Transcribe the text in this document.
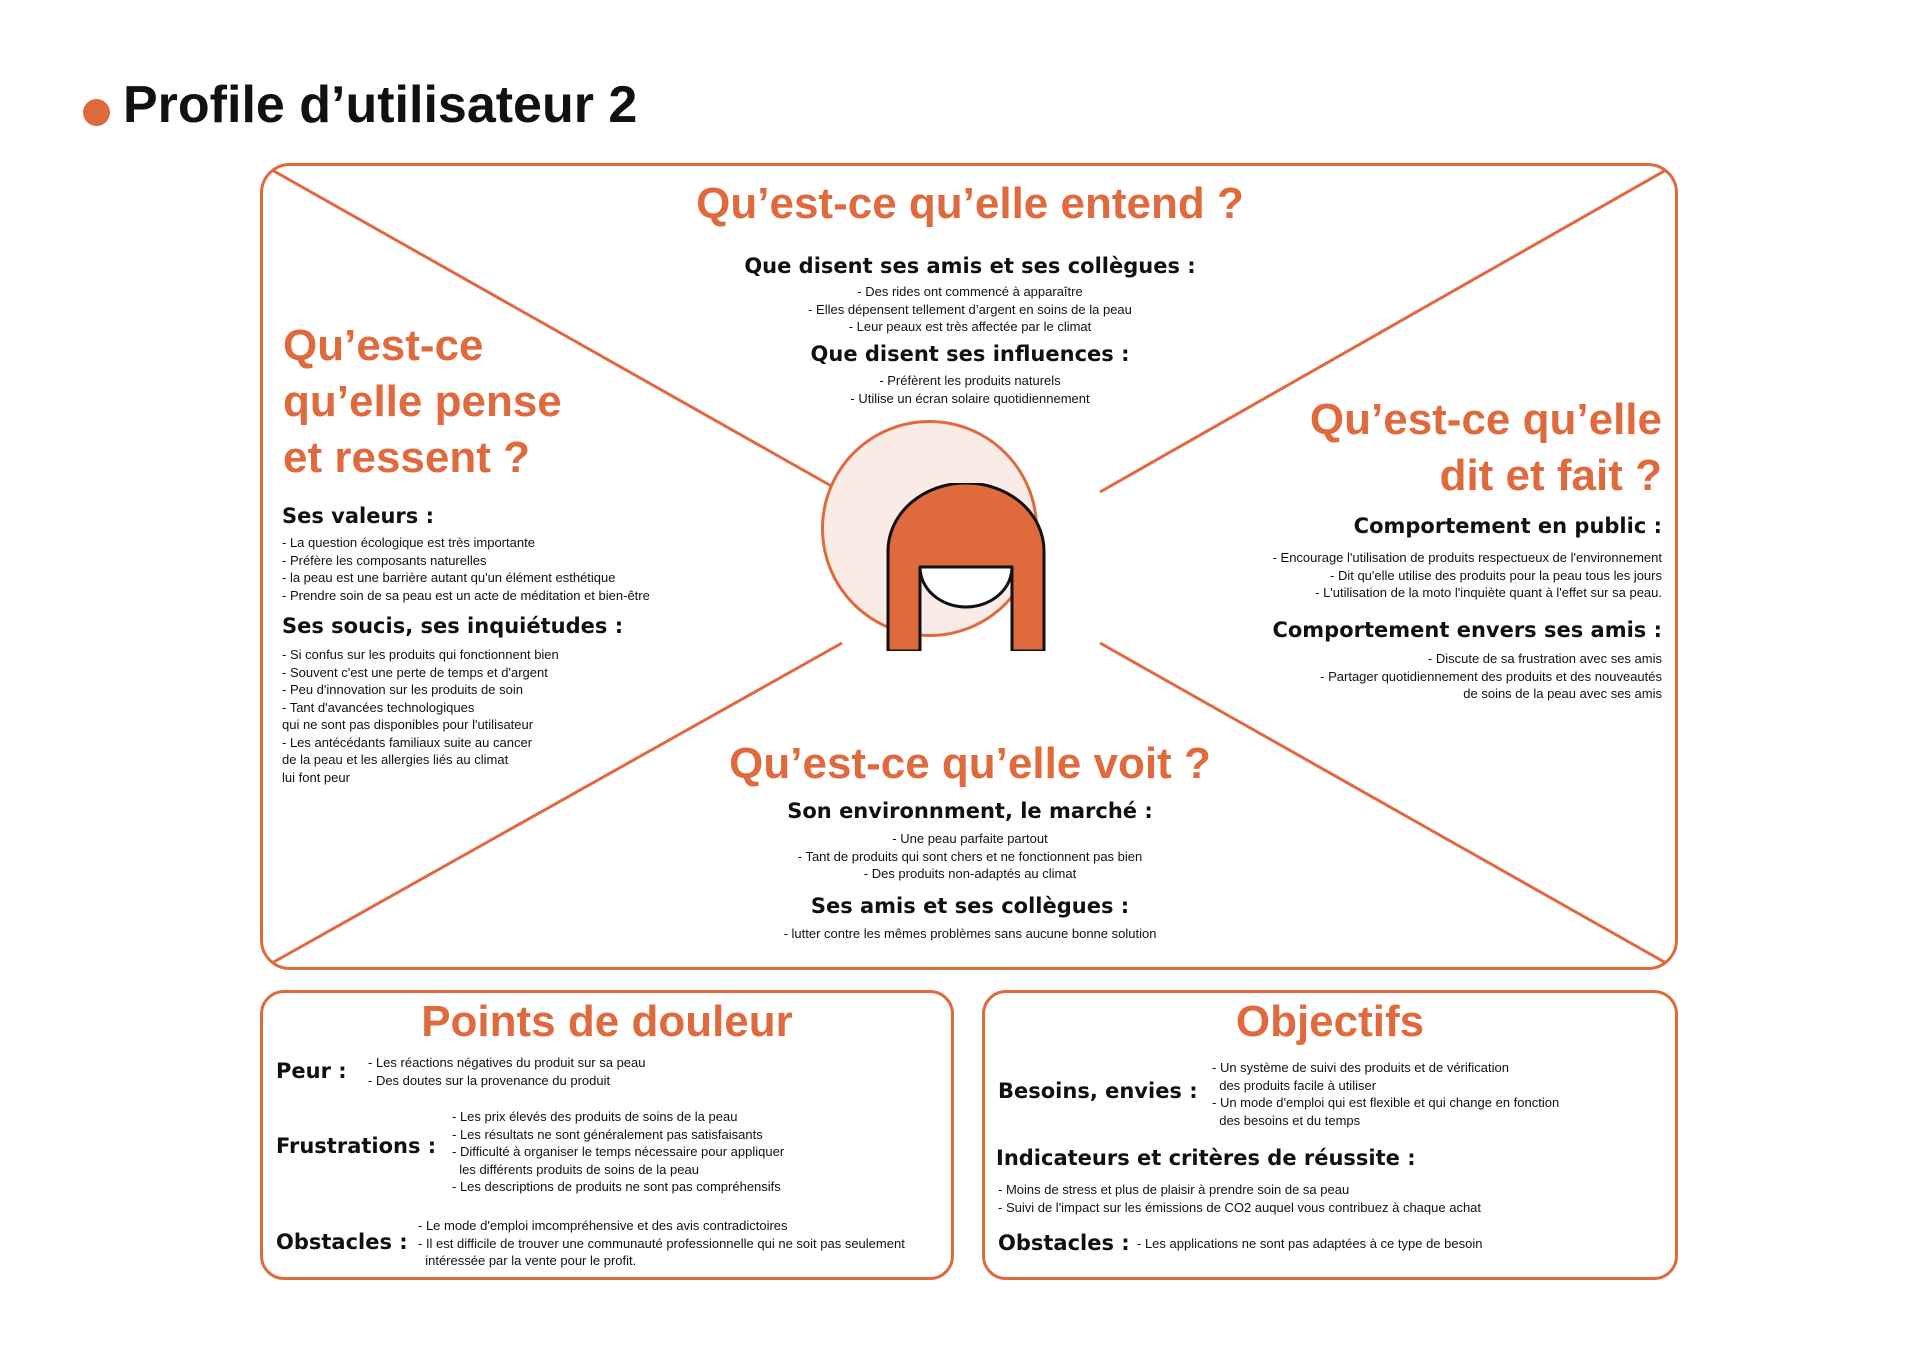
Profile d’utilisateur 2
Qu’est-ce qu’elle entend ?
Que disent ses amis et ses collègues :
- Des rides ont commencé à apparaître
- Elles dépensent tellement d’argent en soins de la peau
- Leur peaux est très affectée par le climat
Que disent ses influences :
- Préfèrent les produits naturels
- Utilise un écran solaire quotidiennement
Qu’est-ce
qu’elle pense
et ressent ?
Ses valeurs :
- La question écologique est très importante
- Préfère les composants naturelles
- la peau est une barrière autant qu'un élément esthétique
- Prendre soin de sa peau est un acte de méditation et bien-être
Ses soucis, ses inquiétudes :
- Si confus sur les produits qui fonctionnent bien
- Souvent c'est une perte de temps et d'argent
- Peu d'innovation sur les produits de soin
- Tant d'avancées technologiques
qui ne sont pas disponibles pour l'utilisateur
- Les antécédants familiaux suite au cancer
de la peau et les allergies liés au climat
lui font peur
Qu’est-ce qu’elle
dit et fait ?
Comportement en public :
- Encourage l'utilisation de produits respectueux de l'environnement
- Dit qu'elle utilise des produits pour la peau tous les jours
- L'utilisation de la moto l'inquiète quant à l'effet sur sa peau.
Comportement envers ses amis :
- Discute de sa frustration avec ses amis
- Partager quotidiennement des produits et des nouveautés
de soins de la peau avec ses amis
Qu’est-ce qu’elle voit ?
Son environnment, le marché :
- Une peau parfaite partout
- Tant de produits qui sont chers et ne fonctionnent pas bien
- Des produits non-adaptés au climat
Ses amis et ses collègues :
- lutter contre les mêmes problèmes sans aucune bonne solution
Points de douleur
Peur : - Les réactions négatives du produit sur sa peau
- Des doutes sur la provenance du produit
Frustrations :
- Les prix élevés des produits de soins de la peau
- Les résultats ne sont généralement pas satisfaisants
- Difficulté à organiser le temps nécessaire pour appliquer
les différents produits de soins de la peau
- Les descriptions de produits ne sont pas compréhensifs
Obstacles :
- Le mode d'emploi imcompréhensive et des avis contradictoires
- Il est difficile de trouver une communauté professionnelle qui ne soit pas seulement
intéressée par la vente pour le profit.
Objectifs
Besoins, envies :
- Un système de suivi des produits et de vérification
des produits facile à utiliser
- Un mode d'emploi qui est flexible et qui change en fonction
des besoins et du temps
Indicateurs et critères de réussite :
- Moins de stress et plus de plaisir à prendre soin de sa peau
- Suivi de l'impact sur les émissions de CO2 auquel vous contribuez à chaque achat
Obstacles : - Les applications ne sont pas adaptées à ce type de besoin
